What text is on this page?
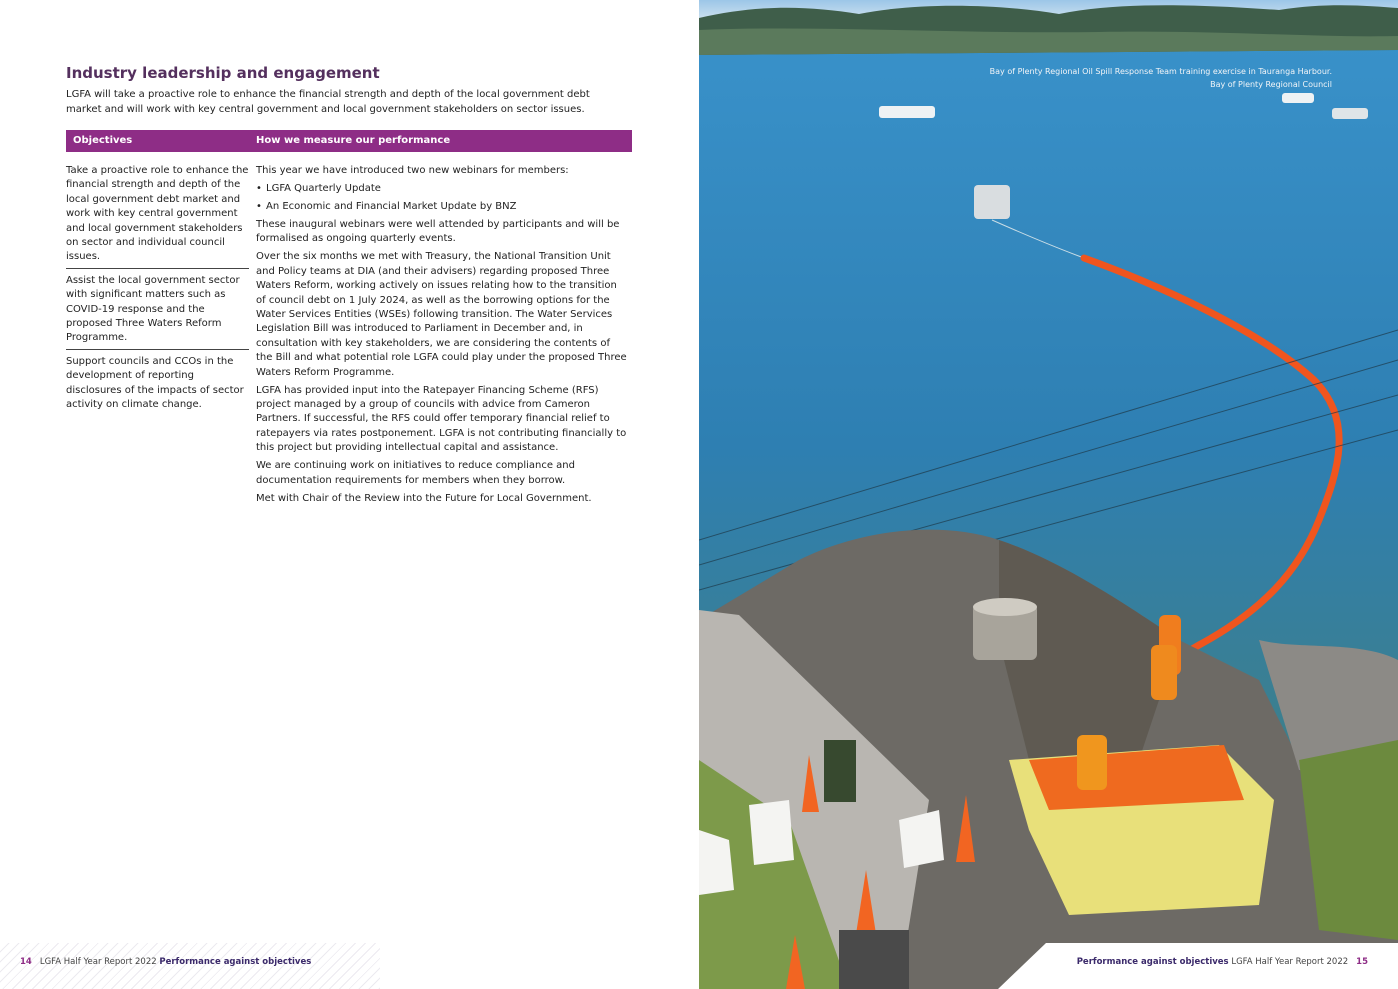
Industry leadership and engagement
LGFA will take a proactive role to enhance the financial strength and depth of the local government debt market and will work with key central government and local government stakeholders on sector issues.
Objectives	How we measure our performance
Take a proactive role to enhance the financial strength and depth of the local government debt market and work with key central government and local government stakeholders on sector and individual council issues.
Assist the local government sector with significant matters such as COVID-19 response and the proposed Three Waters Reform Programme.
Support councils and CCOs in the development of reporting disclosures of the impacts of sector activity on climate change.

This year we have introduced two new webinars for members:

• LGFA Quarterly Update
• An Economic and Financial Market Update by BNZ

These inaugural webinars were well attended by participants and will be formalised as ongoing quarterly events.

Over the six months we met with Treasury, the National Transition Unit and Policy teams at DIA (and their advisers) regarding proposed Three Waters Reform, working actively on issues relating how to the transition of council debt on 1 July 2024, as well as the borrowing options for the Water Services Entities (WSEs) following transition. The Water Services Legislation Bill was introduced to Parliament in December and, in consultation with key stakeholders, we are considering the contents of the Bill and what potential role LGFA could play under the proposed Three Waters Reform Programme.

LGFA has provided input into the Ratepayer Financing Scheme (RFS) project managed by a group of councils with advice from Cameron Partners. If successful, the RFS could offer temporary financial relief to ratepayers via rates postponement. LGFA is not contributing financially to this project but providing intellectual capital and assistance.

We are continuing work on initiatives to reduce compliance and documentation requirements for members when they borrow.

Met with Chair of the Review into the Future for Local Government.

14 LGFA Half Year Report 2022 Performance against objectives
Bay of Plenty Regional Oil Spill Response Team training exercise in Tauranga Harbour.
Bay of Plenty Regional Council
Performance against objectives LGFA Half Year Report 2022 15
